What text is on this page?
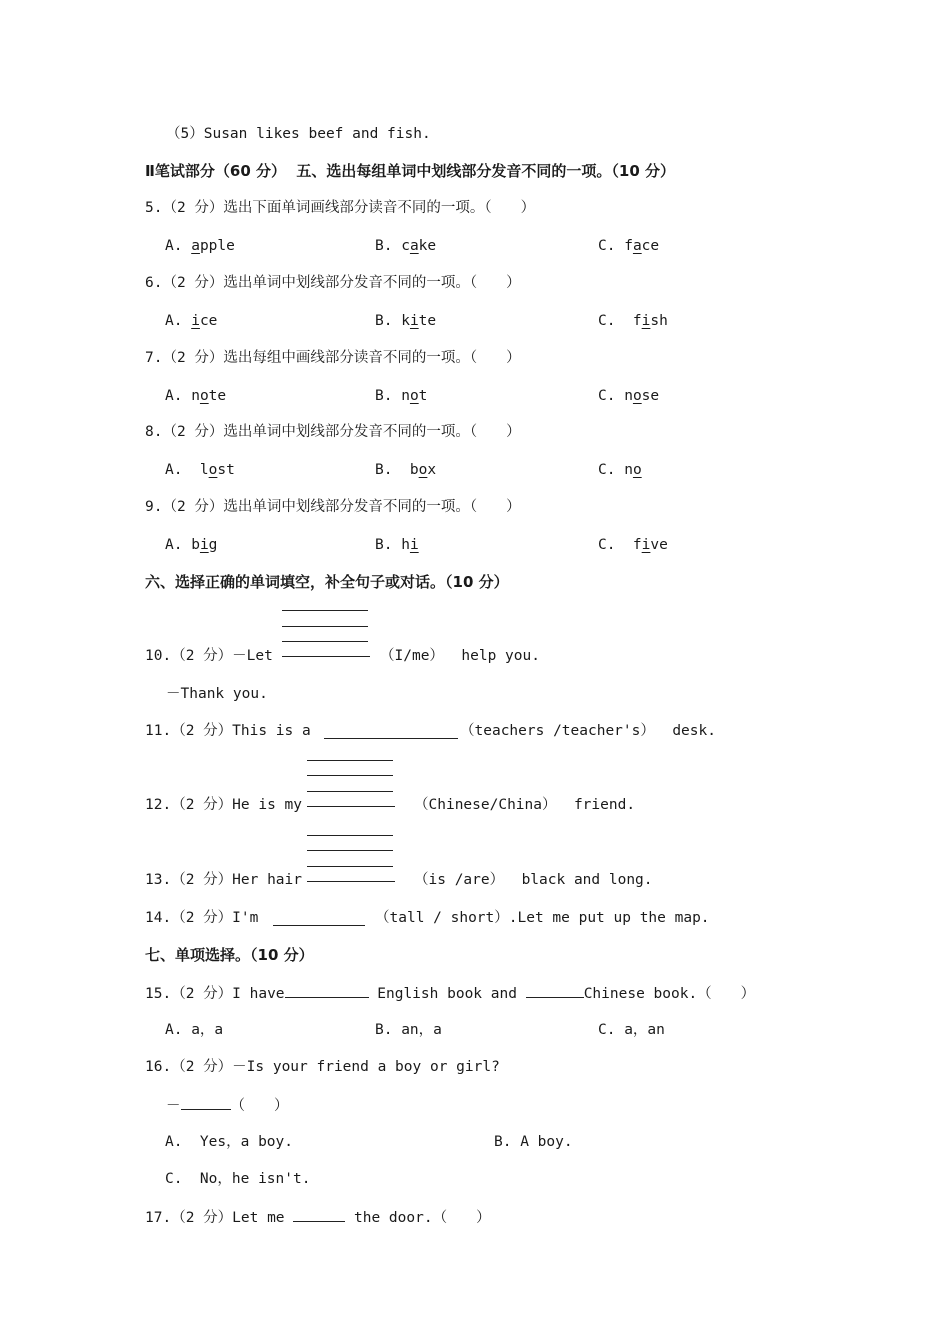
（5）Susan likes beef and fish.
Ⅱ笔试部分（60 分）  五、选出每组单词中划线部分发音不同的一项。（10 分）
5.（2 分）选出下面单词画线部分读音不同的一项。（　　）
A. apple	B. cake	C. face
6.（2 分）选出单词中划线部分发音不同的一项。（　　）
A. ice	B. kite	C.  fish
7.（2 分）选出每组中画线部分读音不同的一项。（　　）
A. note	B. not	C. nose
8.（2 分）选出单词中划线部分发音不同的一项。（　　）
A.  lost	B.  box	C. no
9.（2 分）选出单词中划线部分发音不同的一项。（　　）
A. big	B. hi	C.  five
六、选择正确的单词填空，补全句子或对话。（10 分）
10.（2 分）－Let	（I/me）  help you.
－Thank you.
11.（2 分）This is a	（teachers /teacher's）  desk.
12.（2 分）He is my	（Chinese/China）  friend.
13.（2 分）Her hair	（is /are）  black and long.
14.（2 分）I'm	（tall / short）.Let me put up the map.
七、单项选择。（10 分）
15.（2 分）I have	English book and	Chinese book.（　　）
A. a，a	B. an，a	C. a，an
16.（2 分）－Is your friend a boy or girl?
－	（　　）
A.  Yes，a boy.	B. A boy.
C.  No，he isn't.
17.（2 分）Let me	the door.（　　）
